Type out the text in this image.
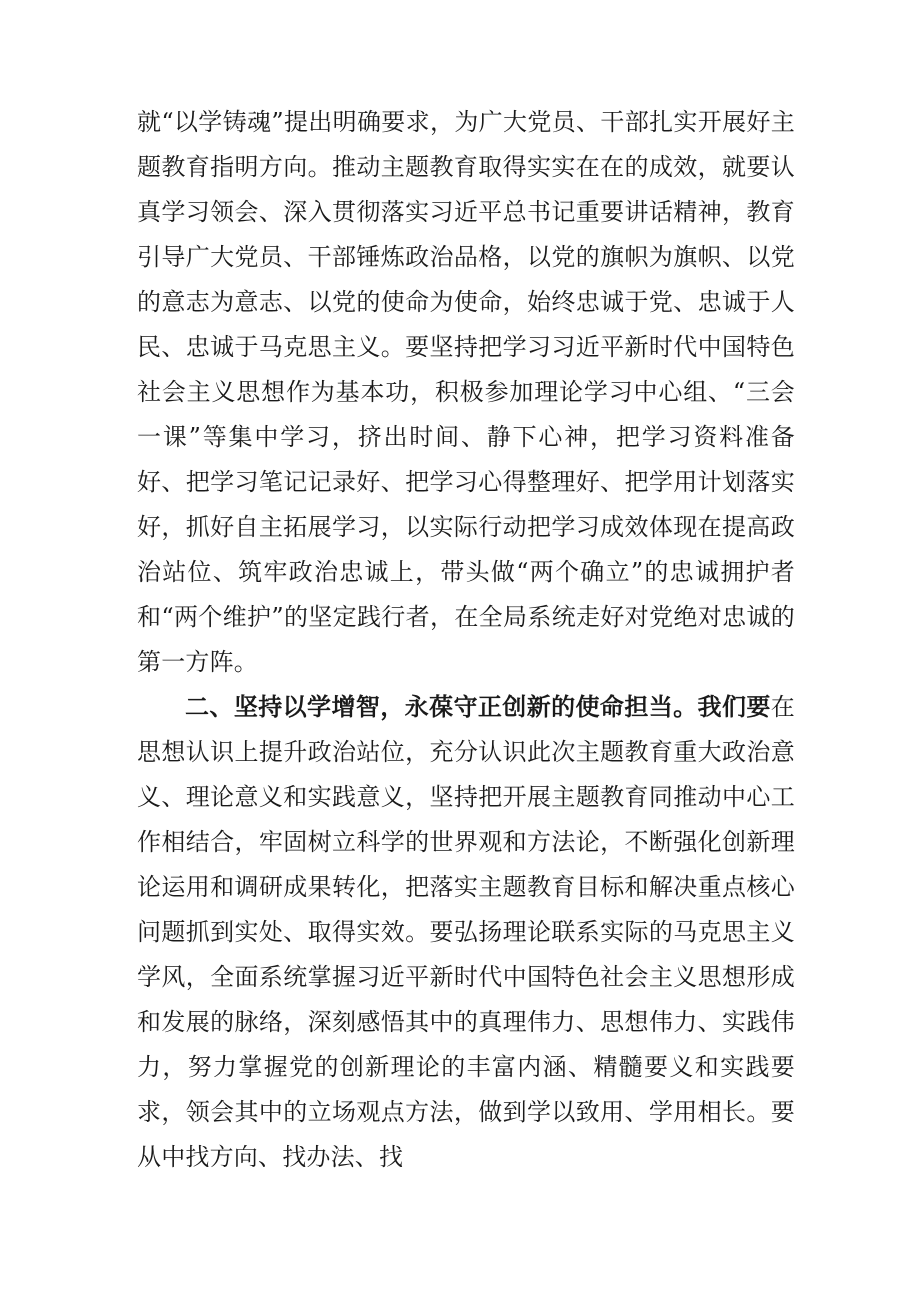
就“以学铸魂”提出明确要求，为广大党员、干部扎实开展好主题教育指明方向。推动主题教育取得实实在在的成效，就要认真学习领会、深入贯彻落实习近平总书记重要讲话精神，教育引导广大党员、干部锤炼政治品格，以党的旗帜为旗帜、以党的意志为意志、以党的使命为使命，始终忠诚于党、忠诚于人民、忠诚于马克思主义。要坚持把学习习近平新时代中国特色社会主义思想作为基本功，积极参加理论学习中心组、“三会一课”等集中学习，挤出时间、静下心神，把学习资料准备好、把学习笔记记录好、把学习心得整理好、把学用计划落实好，抓好自主拓展学习，以实际行动把学习成效体现在提高政治站位、筑牢政治忠诚上，带头做“两个确立”的忠诚拥护者和“两个维护”的坚定践行者，在全局系统走好对党绝对忠诚的第一方阵。

二、坚持以学增智，永葆守正创新的使命担当。我们要在思想认识上提升政治站位，充分认识此次主题教育重大政治意义、理论意义和实践意义，坚持把开展主题教育同推动中心工作相结合，牢固树立科学的世界观和方法论，不断强化创新理论运用和调研成果转化，把落实主题教育目标和解决重点核心问题抓到实处、取得实效。要弘扬理论联系实际的马克思主义学风，全面系统掌握习近平新时代中国特色社会主义思想形成和发展的脉络，深刻感悟其中的真理伟力、思想伟力、实践伟力，努力掌握党的创新理论的丰富内涵、精髓要义和实践要求，领会其中的立场观点方法，做到学以致用、学用相长。要从中找方向、找办法、找
